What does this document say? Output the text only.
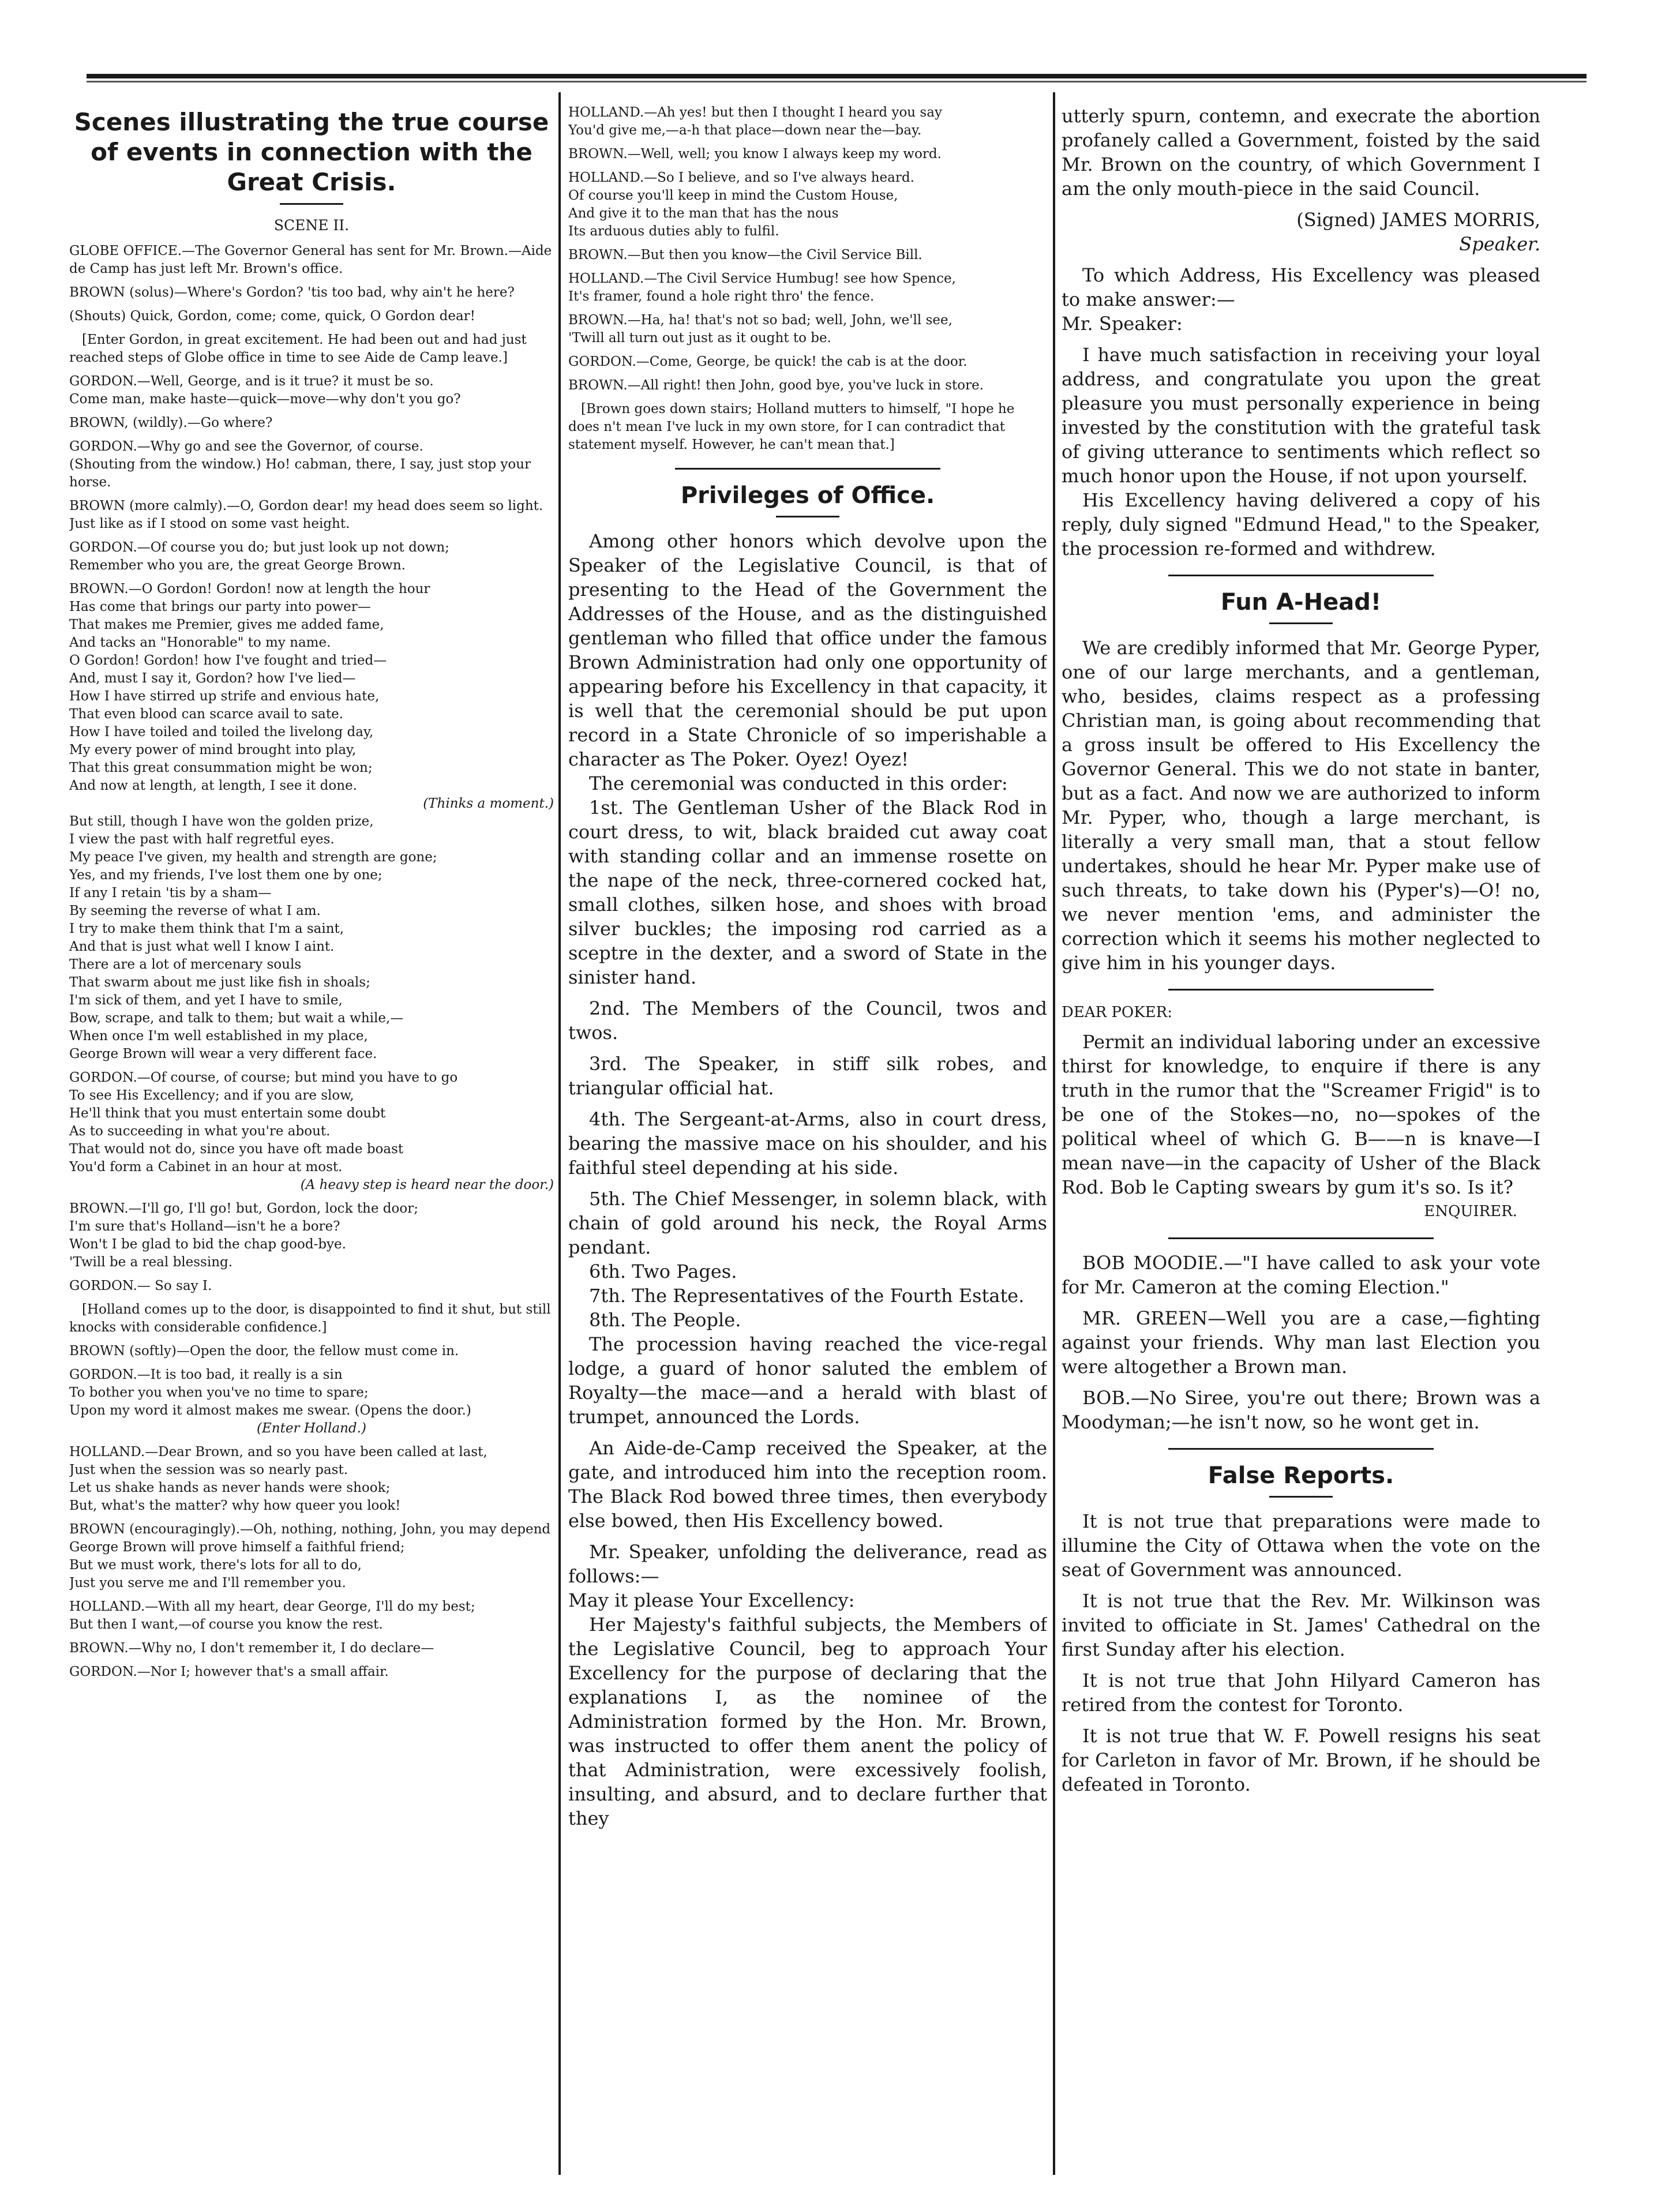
Scenes illustrating the true course of events in connection with the Great Crisis.

SCENE II.

GLOBE OFFICE.—The Governor General has sent for Mr. Brown.—Aide de Camp has just left Mr. Brown's office.

BROWN (solus)—Where's Gordon? 'tis too bad, why ain't he here?

(Shouts) Quick, Gordon, come; come, quick, O Gordon dear!

[Enter Gordon, in great excitement. He had been out and had just reached steps of Globe office in time to see Aide de Camp leave.]

GORDON.—Well, George, and is it true? it must be so.

Come man, make haste—quick—move—why don't you go?

BROWN, (wildly).—Go where?

GORDON.—Why go and see the Governor, of course.

(Shouting from the window.) Ho! cabman, there, I say, just stop your horse.

BROWN (more calmly).—O, Gordon dear! my head does seem so light.

Just like as if I stood on some vast height.

GORDON.—Of course you do; but just look up not down;

Remember who you are, the great George Brown.

BROWN.—O Gordon! Gordon! now at length the hour

Has come that brings our party into power—

That makes me Premier, gives me added fame,

And tacks an "Honorable" to my name.

O Gordon! Gordon! how I've fought and tried—

And, must I say it, Gordon? how I've lied—

How I have stirred up strife and envious hate,

That even blood can scarce avail to sate.

How I have toiled and toiled the livelong day,

My every power of mind brought into play,

That this great consummation might be won;

And now at length, at length, I see it done.

(Thinks a moment.)

But still, though I have won the golden prize,

I view the past with half regretful eyes.

My peace I've given, my health and strength are gone;

Yes, and my friends, I've lost them one by one;

If any I retain 'tis by a sham—

By seeming the reverse of what I am.

I try to make them think that I'm a saint,

And that is just what well I know I aint.

There are a lot of mercenary souls

That swarm about me just like fish in shoals;

I'm sick of them, and yet I have to smile,

Bow, scrape, and talk to them; but wait a while,—

When once I'm well established in my place,

George Brown will wear a very different face.

GORDON.—Of course, of course; but mind you have to go

To see His Excellency; and if you are slow,

He'll think that you must entertain some doubt

As to succeeding in what you're about.

That would not do, since you have oft made boast

You'd form a Cabinet in an hour at most.

(A heavy step is heard near the door.)

BROWN.—I'll go, I'll go! but, Gordon, lock the door;

I'm sure that's Holland—isn't he a bore?

Won't I be glad to bid the chap good-bye.

'Twill be a real blessing.

GORDON.— So say I.

[Holland comes up to the door, is disappointed to find it shut, but still knocks with considerable confidence.]

BROWN (softly)—Open the door, the fellow must come in.

GORDON.—It is too bad, it really is a sin

To bother you when you've no time to spare;

Upon my word it almost makes me swear. (Opens the door.)

(Enter Holland.)

HOLLAND.—Dear Brown, and so you have been called at last,

Just when the session was so nearly past.

Let us shake hands as never hands were shook;

But, what's the matter? why how queer you look!

BROWN (encouragingly).—Oh, nothing, nothing, John, you may depend

George Brown will prove himself a faithful friend;

But we must work, there's lots for all to do,

Just you serve me and I'll remember you.

HOLLAND.—With all my heart, dear George, I'll do my best;

But then I want,—of course you know the rest.

BROWN.—Why no, I don't remember it, I do declare—

GORDON.—Nor I; however that's a small affair.

HOLLAND.—Ah yes! but then I thought I heard you say

You'd give me,—a-h that place—down near the—bay.

BROWN.—Well, well; you know I always keep my word.

HOLLAND.—So I believe, and so I've always heard.

Of course you'll keep in mind the Custom House,

And give it to the man that has the nous

Its arduous duties ably to fulfil.

BROWN.—But then you know—the Civil Service Bill.

HOLLAND.—The Civil Service Humbug! see how Spence,

It's framer, found a hole right thro' the fence.

BROWN.—Ha, ha! that's not so bad; well, John, we'll see,

'Twill all turn out just as it ought to be.

GORDON.—Come, George, be quick! the cab is at the door.

BROWN.—All right! then John, good bye, you've luck in store.

[Brown goes down stairs; Holland mutters to himself, "I hope he does n't mean I've luck in my own store, for I can contradict that statement myself. However, he can't mean that.]

Privileges of Office.

Among other honors which devolve upon the Speaker of the Legislative Council, is that of presenting to the Head of the Government the Addresses of the House, and as the distinguished gentleman who filled that office under the famous Brown Administration had only one opportunity of appearing before his Excellency in that capacity, it is well that the ceremonial should be put upon record in a State Chronicle of so imperishable a character as The Poker. Oyez! Oyez!

The ceremonial was conducted in this order:

1st. The Gentleman Usher of the Black Rod in court dress, to wit, black braided cut away coat with standing collar and an immense rosette on the nape of the neck, three-cornered cocked hat, small clothes, silken hose, and shoes with broad silver buckles; the imposing rod carried as a sceptre in the dexter, and a sword of State in the sinister hand.

2nd. The Members of the Council, twos and twos.

3rd. The Speaker, in stiff silk robes, and triangular official hat.

4th. The Sergeant-at-Arms, also in court dress, bearing the massive mace on his shoulder, and his faithful steel depending at his side.

5th. The Chief Messenger, in solemn black, with chain of gold around his neck, the Royal Arms pendant.

6th. Two Pages.

7th. The Representatives of the Fourth Estate.

8th. The People.

The procession having reached the vice-regal lodge, a guard of honor saluted the emblem of Royalty—the mace—and a herald with blast of trumpet, announced the Lords.

An Aide-de-Camp received the Speaker, at the gate, and introduced him into the reception room. The Black Rod bowed three times, then everybody else bowed, then His Excellency bowed.

Mr. Speaker, unfolding the deliverance, read as follows:—

May it please Your Excellency:

Her Majesty's faithful subjects, the Members of the Legislative Council, beg to approach Your Excellency for the purpose of declaring that the explanations I, as the nominee of the Administration formed by the Hon. Mr. Brown, was instructed to offer them anent the policy of that Administration, were excessively foolish, insulting, and absurd, and to declare further that they

utterly spurn, contemn, and execrate the abortion profanely called a Government, foisted by the said Mr. Brown on the country, of which Government I am the only mouth-piece in the said Council.

(Signed) JAMES MORRIS,

Speaker.

To which Address, His Excellency was pleased to make answer:—

Mr. Speaker:

I have much satisfaction in receiving your loyal address, and congratulate you upon the great pleasure you must personally experience in being invested by the constitution with the grateful task of giving utterance to sentiments which reflect so much honor upon the House, if not upon yourself.

His Excellency having delivered a copy of his reply, duly signed "Edmund Head," to the Speaker, the procession re-formed and withdrew.

Fun A-Head!

We are credibly informed that Mr. George Pyper, one of our large merchants, and a gentleman, who, besides, claims respect as a professing Christian man, is going about recommending that a gross insult be offered to His Excellency the Governor General. This we do not state in banter, but as a fact. And now we are authorized to inform Mr. Pyper, who, though a large merchant, is literally a very small man, that a stout fellow undertakes, should he hear Mr. Pyper make use of such threats, to take down his (Pyper's)—O! no, we never mention 'ems, and administer the correction which it seems his mother neglected to give him in his younger days.

DEAR POKER:

Permit an individual laboring under an excessive thirst for knowledge, to enquire if there is any truth in the rumor that the "Screamer Frigid" is to be one of the Stokes—no, no—spokes of the political wheel of which G. B——n is knave—I mean nave—in the capacity of Usher of the Black Rod. Bob le Capting swears by gum it's so. Is it?

ENQUIRER.

BOB MOODIE.—"I have called to ask your vote for Mr. Cameron at the coming Election."

MR. GREEN—Well you are a case,—fighting against your friends. Why man last Election you were altogether a Brown man.

BOB.—No Siree, you're out there; Brown was a Moodyman;—he isn't now, so he wont get in.

False Reports.

It is not true that preparations were made to illumine the City of Ottawa when the vote on the seat of Government was announced.

It is not true that the Rev. Mr. Wilkinson was invited to officiate in St. James' Cathedral on the first Sunday after his election.

It is not true that John Hilyard Cameron has retired from the contest for Toronto.

It is not true that W. F. Powell resigns his seat for Carleton in favor of Mr. Brown, if he should be defeated in Toronto.
